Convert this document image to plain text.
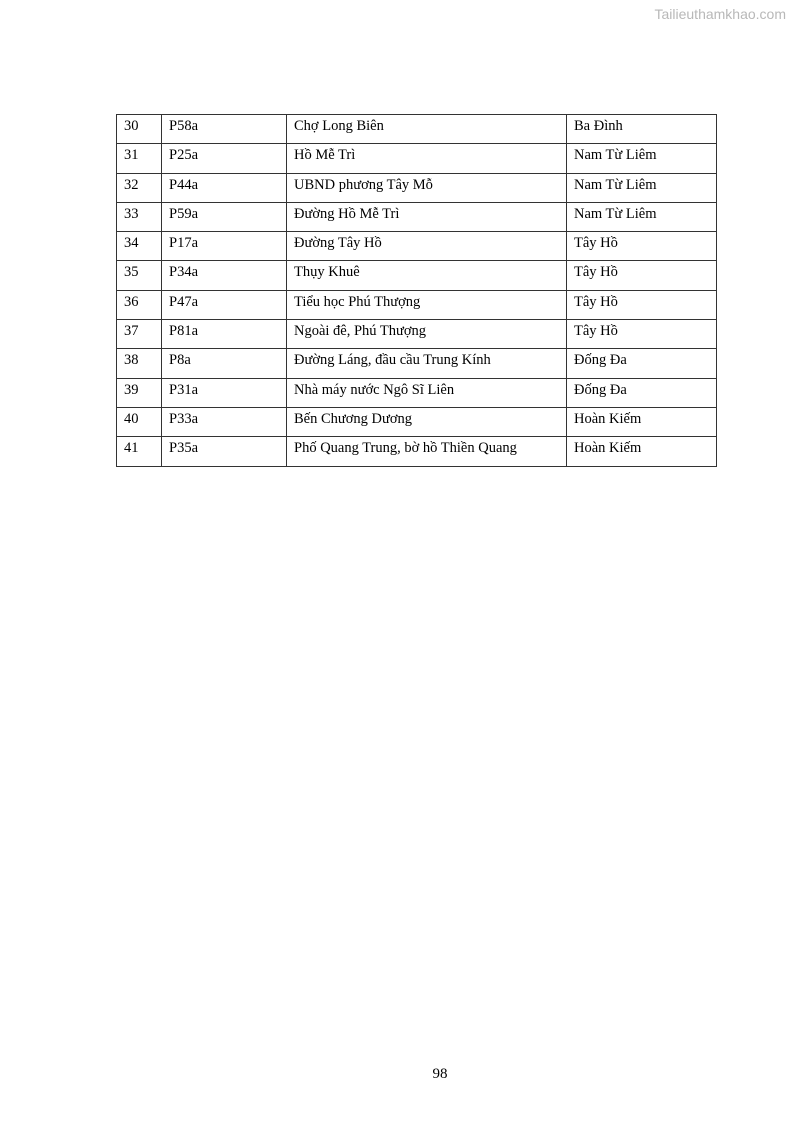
Tailieuthamkhao.com
30	P58a	Chợ Long Biên	Ba Đình
31	P25a	Hồ Mễ Trì	Nam Từ Liêm
32	P44a	UBND phương Tây Mỗ	Nam Từ Liêm
33	P59a	Đường Hồ Mễ Trì	Nam Từ Liêm
34	P17a	Đường Tây Hồ	Tây Hồ
35	P34a	Thụy Khuê	Tây Hồ
36	P47a	Tiểu học Phú Thượng	Tây Hồ
37	P81a	Ngoài đê, Phú Thượng	Tây Hồ
38	P8a	Đường Láng, đầu cầu Trung Kính	Đống Đa
39	P31a	Nhà máy nước Ngô Sĩ Liên	Đống Đa
40	P33a	Bến Chương Dương	Hoàn Kiếm
41	P35a	Phố Quang Trung, bờ hồ Thiền Quang	Hoàn Kiếm
98
